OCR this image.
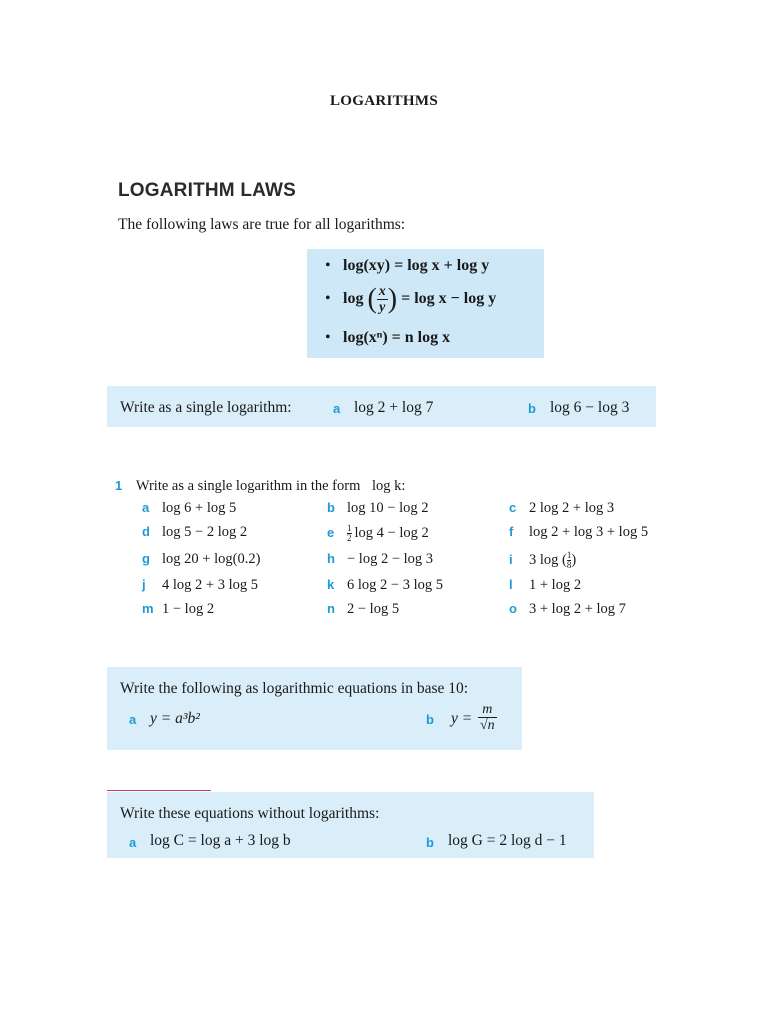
LOGARITHMS
LOGARITHM LAWS
The following laws are true for all logarithms:
• log(xy) = log x + log y
• log ( $\frac{x}{y}$ ) = log x − log y
• log(xⁿ) = n log x
Write as a single logarithm:	a log 2 + log 7	b log 6 − log 3
1 Write as a single logarithm in the form log k:
a log 6 + log 5	b log 10 − log 2	c 2 log 2 + log 3
d log 5 − 2 log 2	e $\frac{1}{2}$ log 4 − log 2	f log 2 + log 3 + log 5
g log 20 + log(0.2)	h − log 2 − log 3	i 3 log ( $\frac{1}{8}$ )
j 4 log 2 + 3 log 5	k 6 log 2 − 3 log 5	l 1 + log 2
m 1 − log 2	n 2 − log 5	o 3 + log 2 + log 7
Write the following as logarithmic equations in base 10:
a y = a³b²	b $y = \frac{m}{√n}$
Write these equations without logarithms:
a log C = log a + 3 log b	b log G = 2 log d − 1
